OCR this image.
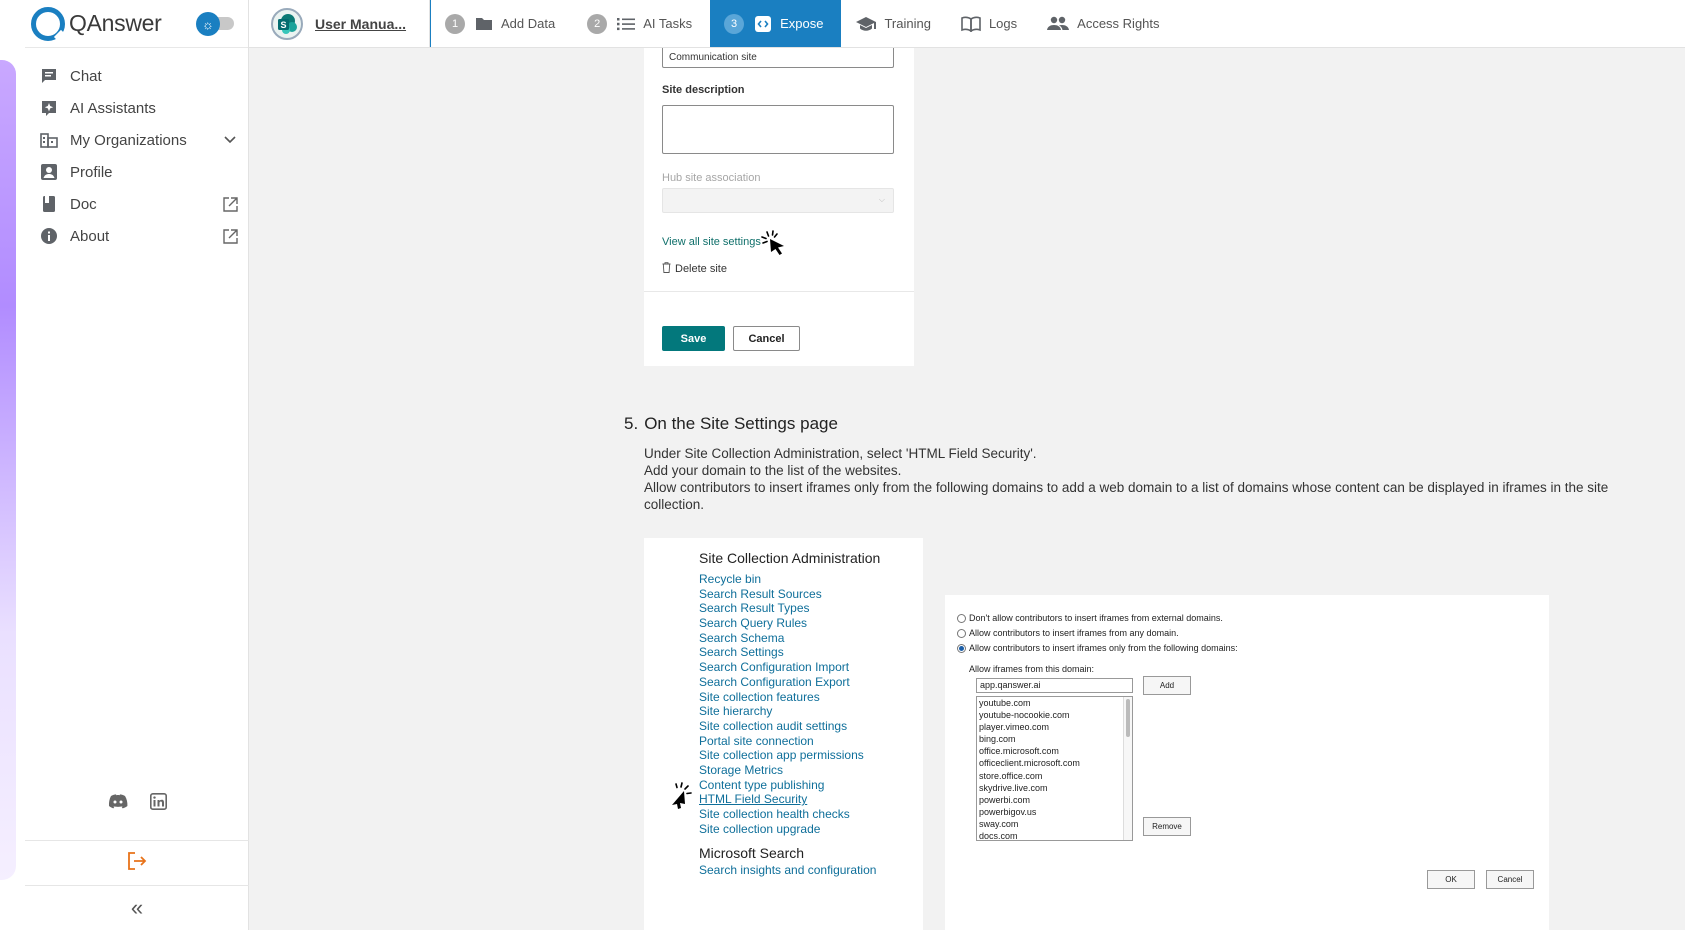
QAnswer	☼
Chat
AI Assistants
My Organizations
Profile
Doc
About
«
S User Manua...	1	Add Data	2	AI Tasks	3	Expose	Training	Logs	Access Rights
Communication site
Site description
Hub site association
⌵
View all site settings
Delete site
Save	Cancel
5. On the Site Settings page
Under Site Collection Administration, select 'HTML Field Security'.
Add your domain to the list of the websites.
Allow contributors to insert iframes only from the following domains to add a web domain to a list of domains whose content can be displayed in iframes in the site collection.
Site Collection Administration
Recycle bin
Search Result Sources
Search Result Types
Search Query Rules
Search Schema
Search Settings
Search Configuration Import
Search Configuration Export
Site collection features
Site hierarchy
Site collection audit settings
Portal site connection
Site collection app permissions
Storage Metrics
Content type publishing
HTML Field Security
Site collection health checks
Site collection upgrade
Microsoft Search
Search insights and configuration
Don't allow contributors to insert iframes from external domains.
Allow contributors to insert iframes from any domain.
Allow contributors to insert iframes only from the following domains:
Allow iframes from this domain:
app.qanswer.ai	Add
youtube.com
youtube-nocookie.com
player.vimeo.com
bing.com
office.microsoft.com
officeclient.microsoft.com
store.office.com
skydrive.live.com
powerbi.com
powerbigov.us
sway.com
docs.com
Remove
OK	Cancel
